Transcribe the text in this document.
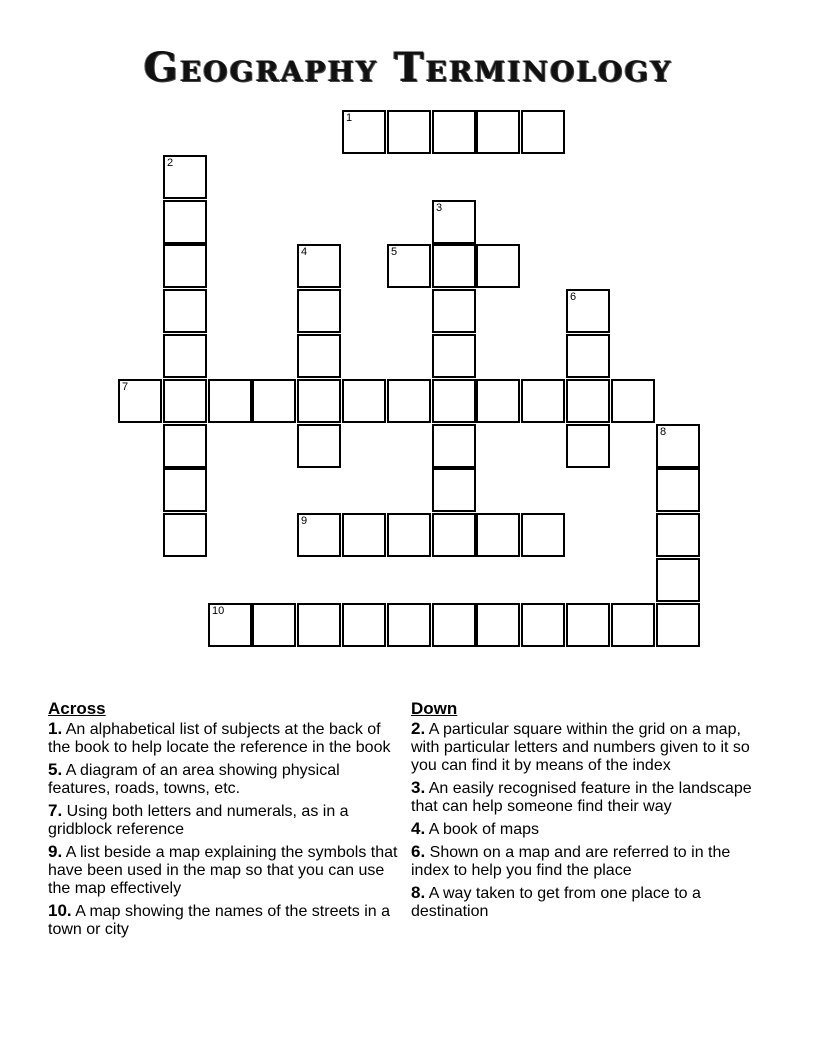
Geography Terminology
1
2
3
4	5
6
7
8
9
10
Across
1. An alphabetical list of subjects at the back of the book to help locate the reference in the book
5. A diagram of an area showing physical features, roads, towns, etc.
7. Using both letters and numerals, as in a gridblock reference
9. A list beside a map explaining the symbols that have been used in the map so that you can use the map effectively
10. A map showing the names of the streets in a town or city
Down
2. A particular square within the grid on a map, with particular letters and numbers given to it so you can find it by means of the index
3. An easily recognised feature in the landscape that can help someone find their way
4. A book of maps
6. Shown on a map and are referred to in the index to help you find the place
8. A way taken to get from one place to a destination
